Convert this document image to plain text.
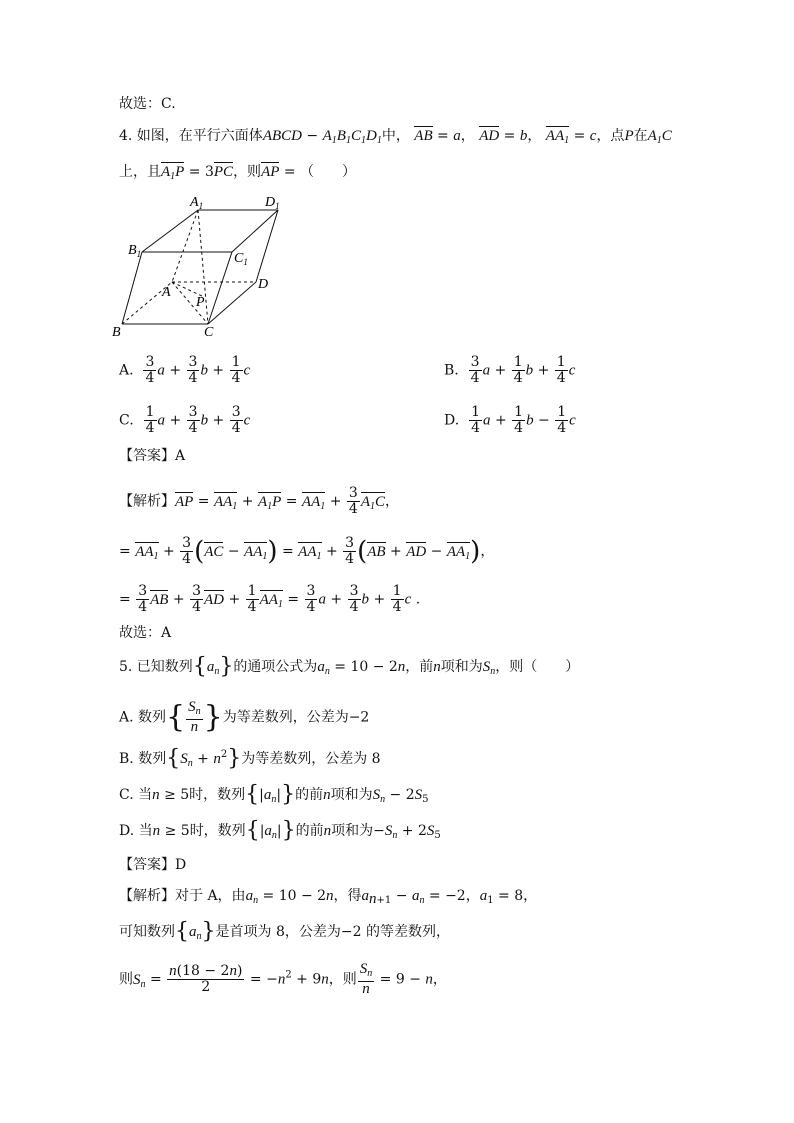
故选：C.
4. 如图，在平行六面体ABCD − $A_1B_1C_1D_1$中， AB = a， AD = b， $AA_1 = c$，点P在$A_1C$
上，且$A_1P = 3PC$，则AP = （　　）
$A_1$	$D_1$
$B_1$	$C_1$
A
P
D
B	C
A. $\frac{3}{4}$ $a + \frac{3}{4}$ $b + \frac{1}{4}$ c	B. $\frac{3}{4}$ $a + \frac{1}{4}$ $b + \frac{1}{4}$ c
C. $\frac{1}{4}$ $a + \frac{3}{4}$ $b + \frac{3}{4}$ c	D. $\frac{1}{4}$ $a + \frac{1}{4}$ $b - \frac{1}{4}$ c
【答案】A
【解析】AP = $AA_1 + A_1P = AA_1 + \frac{3}{4} A_1C$，
= $AA_1 + \frac{3}{4} (AC - AA_1) = AA_1 + \frac{3}{4} (AB$ + AD − $AA_1$)，
= $\frac{3}{4}$ AB + $\frac{3}{4}$ AD + $\frac{1}{4} AA_1 = \frac{3}{4}$ $a + \frac{3}{4}$ $b + \frac{1}{4}$ c .
故选：A
5. 已知数列$\{a_n\}$的通项公式为$a_n = 10 - 2n$，前n项和为$S_n$，则（　　）
A. 数列{ $\frac{S_n}{n}$ }为等差数列，公差为−2
B. 数列$\{S_n + n^2\}$为等差数列，公差为 8
C. 当n ≥ 5时，数列$\{|a_n|\}$的前n项和为$S_n - 2S_5$
D. 当n ≥ 5时，数列$\{|a_n|\}$的前n项和为$-S_n + 2S_5$
【答案】D
【解析】对于 A，由$a_n = 10 - 2n$，得$a_{n+1} - a_n = -2$，$a_1 = 8$，
可知数列$\{a_n\}$是首项为 8，公差为−2 的等差数列，
则$S_n = \frac{n(18 - 2n)}{2} = -n^2 + 9n$，则 $\frac{S_n}{n} = 9 - n$，
